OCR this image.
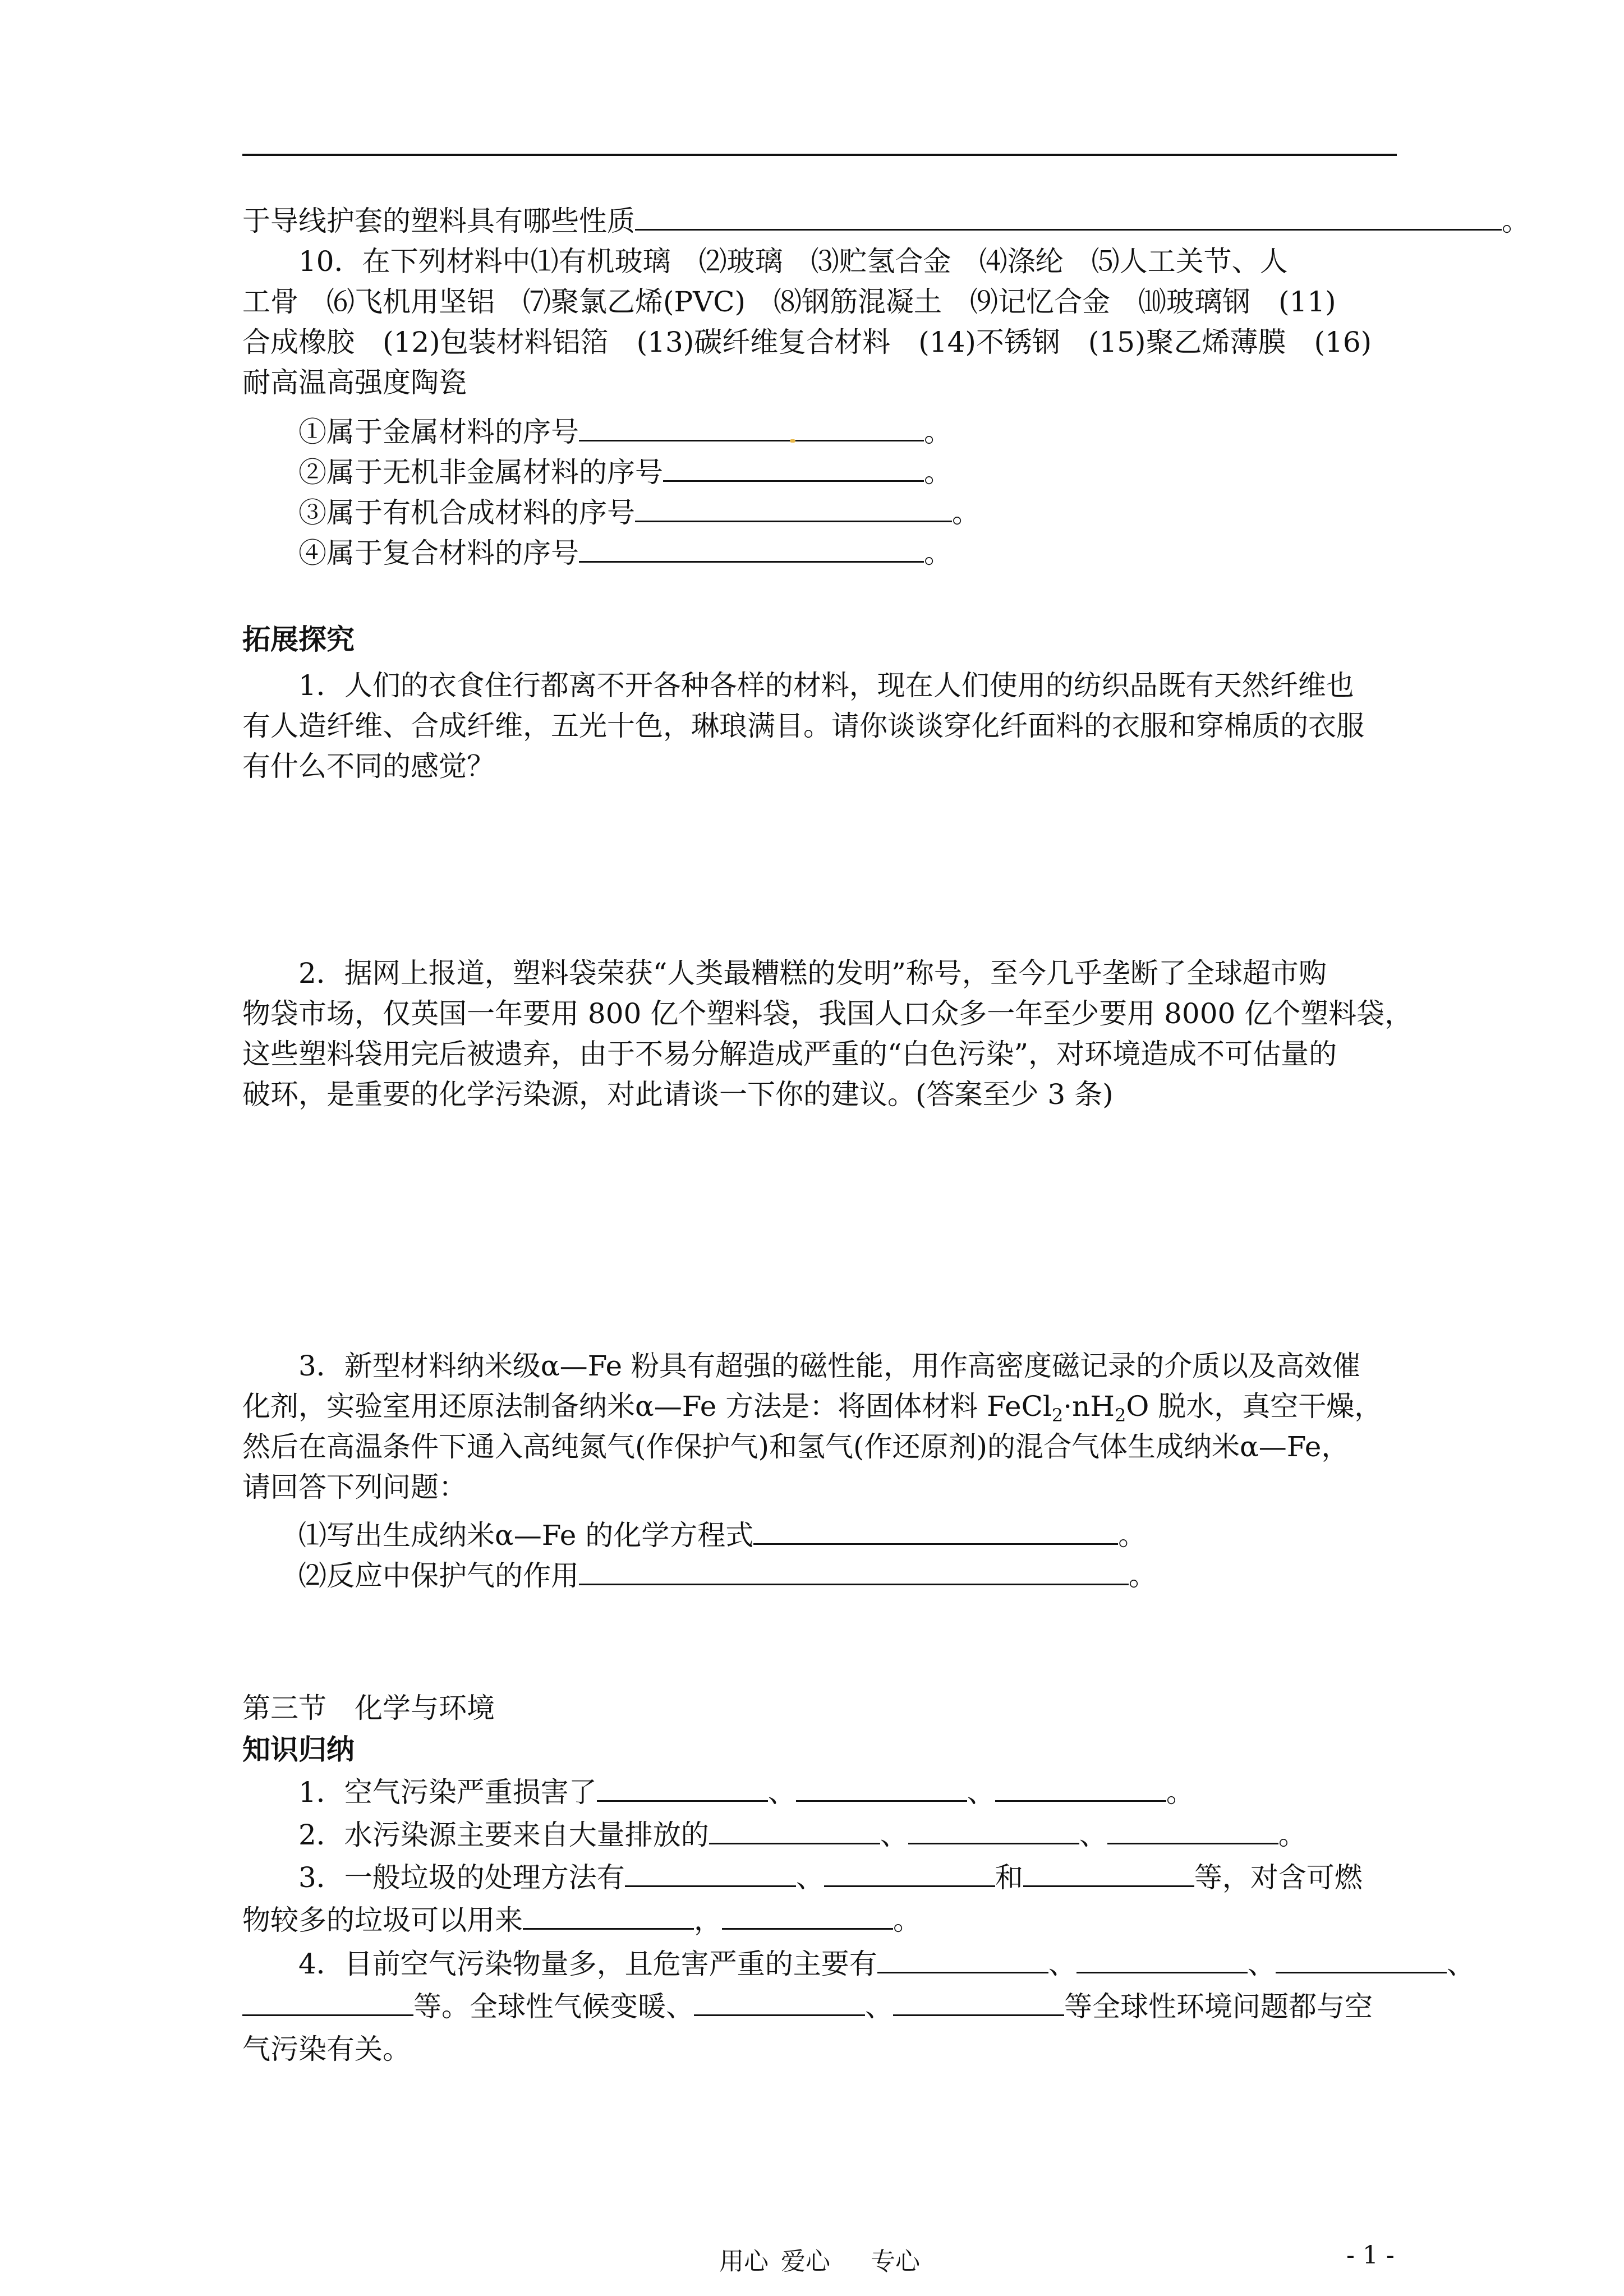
于导线护套的塑料具有哪些性质	。
10．在下列材料中⑴有机玻璃　⑵玻璃　⑶贮氢合金　⑷涤纶　⑸人工关节、人
工骨　⑹飞机用坚铝　⑺聚氯乙烯(PVC)　⑻钢筋混凝土　⑼记忆合金　⑽玻璃钢　(11)
合成橡胶　(12)包装材料铝箔　(13)碳纤维复合材料　(14)不锈钢　(15)聚乙烯薄膜　(16)
耐高温高强度陶瓷
①属于金属材料的序号	。
②属于无机非金属材料的序号	。
③属于有机合成材料的序号	。
④属于复合材料的序号	。
拓展探究
1．人们的衣食住行都离不开各种各样的材料，现在人们使用的纺织品既有天然纤维也
有人造纤维、合成纤维，五光十色，琳琅满目。请你谈谈穿化纤面料的衣服和穿棉质的衣服
有什么不同的感觉？
2．据网上报道，塑料袋荣获“人类最糟糕的发明”称号，至今几乎垄断了全球超市购
物袋市场，仅英国一年要用 800 亿个塑料袋，我国人口众多一年至少要用 8000 亿个塑料袋，
这些塑料袋用完后被遗弃，由于不易分解造成严重的“白色污染”，对环境造成不可估量的
破环，是重要的化学污染源，对此请谈一下你的建议。(答案至少 3 条)
3．新型材料纳米级α—Fe 粉具有超强的磁性能，用作高密度磁记录的介质以及高效催
化剂，实验室用还原法制备纳米α—Fe 方法是：将固体材料 $FeCl_2\cdot nH_2O$ 脱水，真空干燥，
然后在高温条件下通入高纯氮气(作保护气)和氢气(作还原剂)的混合气体生成纳米α—Fe，
请回答下列问题：
⑴写出生成纳米α—Fe 的化学方程式	。
⑵反应中保护气的作用	。
第三节　化学与环境
知识归纳
1．空气污染严重损害了	、	、	。
2．水污染源主要来自大量排放的	、	、	。
3．一般垃圾的处理方法有	、	和	等，对含可燃
物较多的垃圾可以用来	，	。
4．目前空气污染物量多，且危害严重的主要有	、	、	、
等。全球性气候变暖、	、	等全球性环境问题都与空
气污染有关。
用心 爱心 专心	- 1 -
